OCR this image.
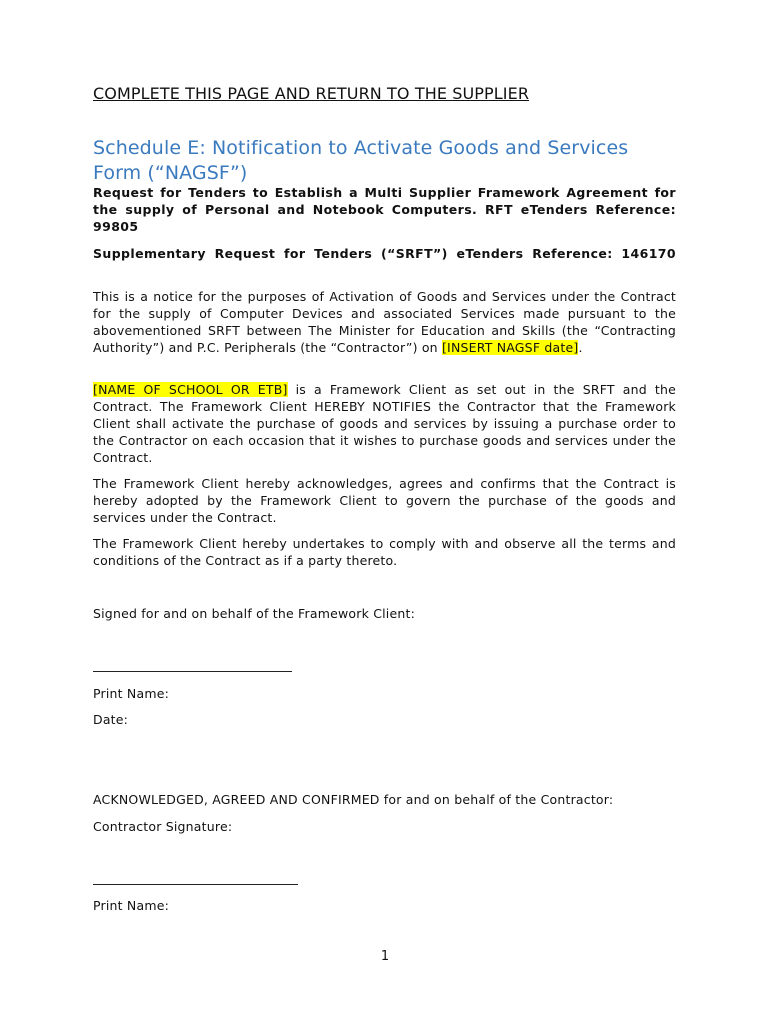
COMPLETE THIS PAGE AND RETURN TO THE SUPPLIER
Schedule E: Notification to Activate Goods and Services Form (“NAGSF”)
Request for Tenders to Establish a Multi Supplier Framework Agreement for the supply of Personal and Notebook Computers. RFT eTenders Reference: 99805
Supplementary Request for Tenders (“SRFT”) eTenders Reference: 146170
This is a notice for the purposes of Activation of Goods and Services under the Contract for the supply of Computer Devices and associated Services made pursuant to the abovementioned SRFT between The Minister for Education and Skills (the “Contracting Authority”) and P.C. Peripherals (the “Contractor”) on [INSERT NAGSF date].
[NAME OF SCHOOL OR ETB] is a Framework Client as set out in the SRFT and the Contract. The Framework Client HEREBY NOTIFIES the Contractor that the Framework Client shall activate the purchase of goods and services by issuing a purchase order to the Contractor on each occasion that it wishes to purchase goods and services under the Contract.
The Framework Client hereby acknowledges, agrees and confirms that the Contract is hereby adopted by the Framework Client to govern the purchase of the goods and services under the Contract.
The Framework Client hereby undertakes to comply with and observe all the terms and conditions of the Contract as if a party thereto.
Signed for and on behalf of the Framework Client:
Print Name:
Date:
ACKNOWLEDGED, AGREED AND CONFIRMED for and on behalf of the Contractor:
Contractor Signature:
Print Name:
1
